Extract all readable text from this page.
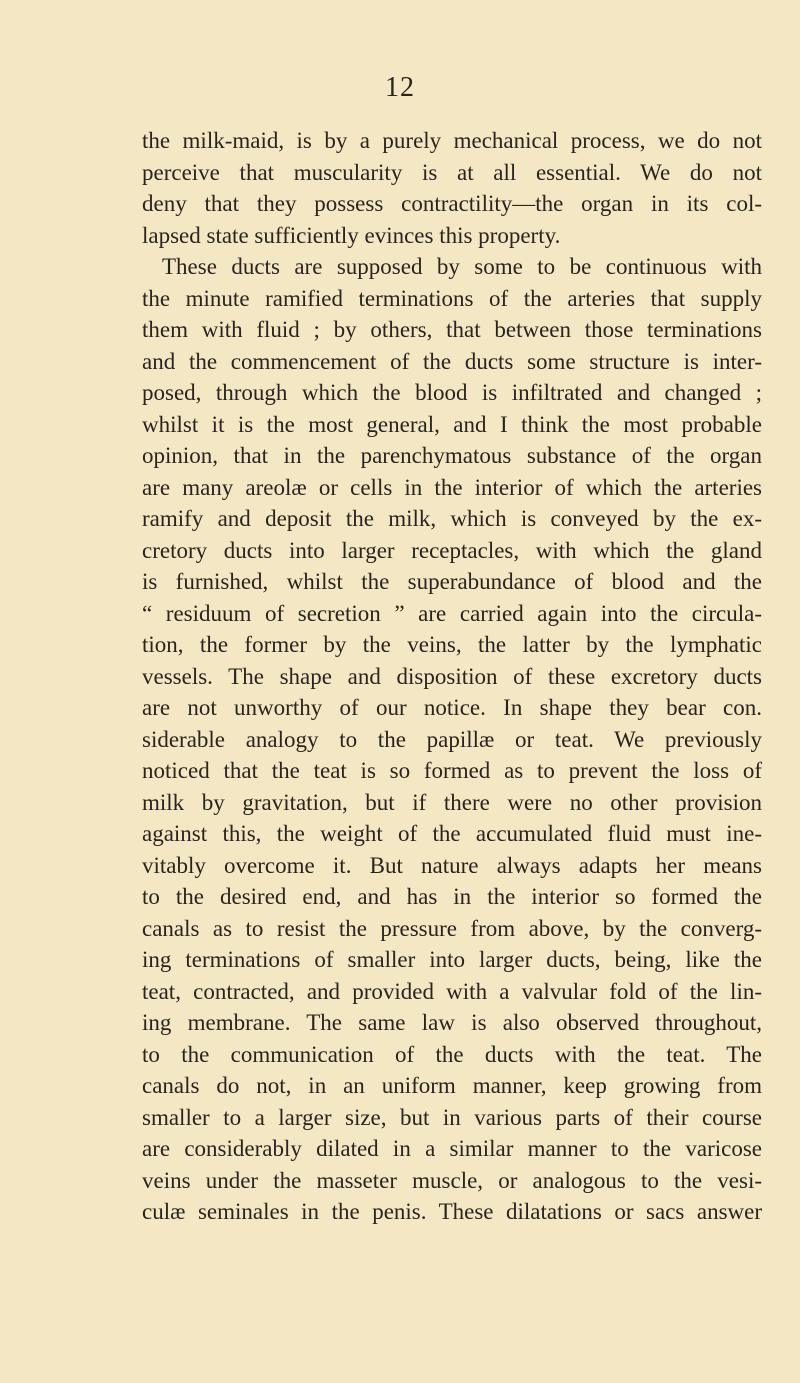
12
the milk-maid, is by a purely mechanical process, we do not
perceive that muscularity is at all essential. We do not
deny that they possess contractility—the organ in its col-
lapsed state sufficiently evinces this property.
These ducts are supposed by some to be continuous with
the minute ramified terminations of the arteries that supply
them with fluid ; by others, that between those terminations
and the commencement of the ducts some structure is inter-
posed, through which the blood is infiltrated and changed ;
whilst it is the most general, and I think the most probable
opinion, that in the parenchymatous substance of the organ
are many areolæ or cells in the interior of which the arteries
ramify and deposit the milk, which is conveyed by the ex-
cretory ducts into larger receptacles, with which the gland
is furnished, whilst the superabundance of blood and the
“ residuum of secretion ” are carried again into the circula-
tion, the former by the veins, the latter by the lymphatic
vessels. The shape and disposition of these excretory ducts
are not unworthy of our notice. In shape they bear con.
siderable analogy to the papillæ or teat. We previously
noticed that the teat is so formed as to prevent the loss of
milk by gravitation, but if there were no other provision
against this, the weight of the accumulated fluid must ine-
vitably overcome it. But nature always adapts her means
to the desired end, and has in the interior so formed the
canals as to resist the pressure from above, by the converg-
ing terminations of smaller into larger ducts, being, like the
teat, contracted, and provided with a valvular fold of the lin-
ing membrane. The same law is also observed throughout,
to the communication of the ducts with the teat. The
canals do not, in an uniform manner, keep growing from
smaller to a larger size, but in various parts of their course
are considerably dilated in a similar manner to the varicose
veins under the masseter muscle, or analogous to the vesi-
culæ seminales in the penis. These dilatations or sacs answer
